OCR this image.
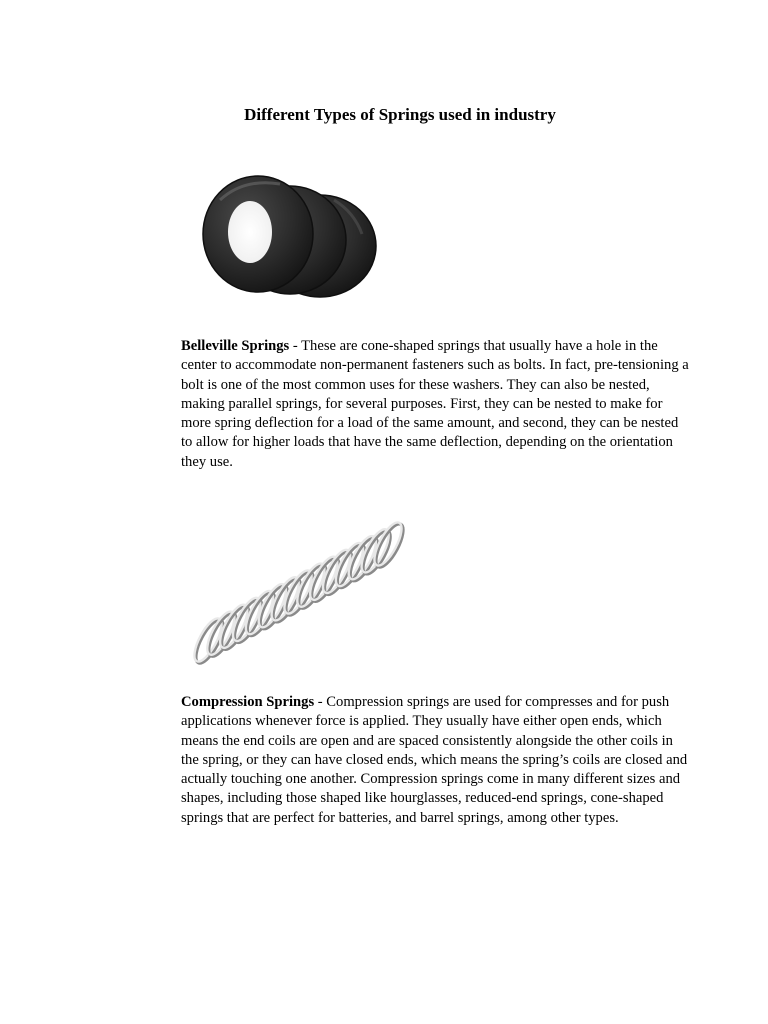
Different Types of Springs used in industry

Belleville Springs - These are cone-shaped springs that usually have a hole in the center to accommodate non-permanent fasteners such as bolts. In fact, pre-tensioning a bolt is one of the most common uses for these washers. They can also be nested, making parallel springs, for several purposes. First, they can be nested to make for more spring deflection for a load of the same amount, and second, they can be nested to allow for higher loads that have the same deflection, depending on the orientation they use.

Compression Springs - Compression springs are used for compresses and for push applications whenever force is applied. They usually have either open ends, which means the end coils are open and are spaced consistently alongside the other coils in the spring, or they can have closed ends, which means the spring’s coils are closed and actually touching one another. Compression springs come in many different sizes and shapes, including those shaped like hourglasses, reduced-end springs, cone-shaped springs that are perfect for batteries, and barrel springs, among other types.
